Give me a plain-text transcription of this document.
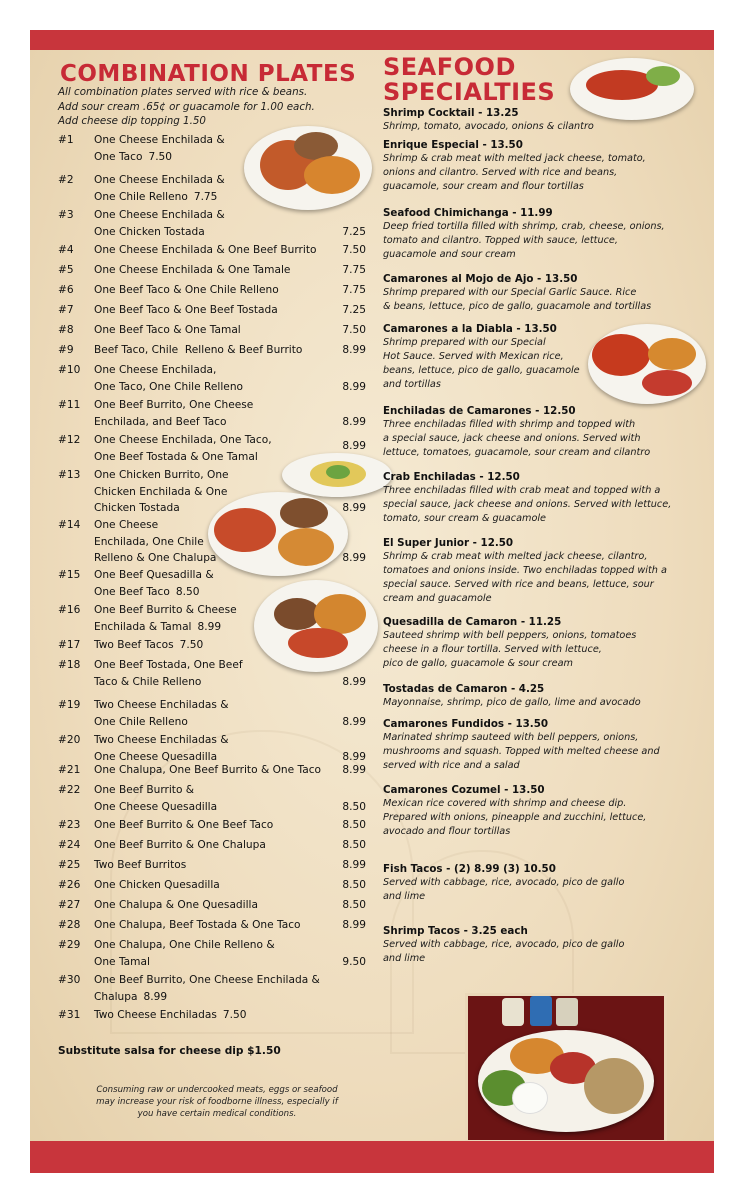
COMBINATION PLATES
All combination plates served with rice & beans.
Add sour cream .65¢ or guacamole for 1.00 each.
Add cheese dip topping 1.50
#1 One Cheese Enchilada &
One Taco 7.50
#2 One Cheese Enchilada &
One Chile Relleno 7.75
#3 One Cheese Enchilada &
One Chicken Tostada	7.25
#4 One Cheese Enchilada & One Beef Burrito 7.50
#5 One Cheese Enchilada & One Tamale	7.75
#6 One Beef Taco & One Chile Relleno	7.75
#7 One Beef Taco & One Beef Tostada	7.25
#8 One Beef Taco & One Tamal	7.50
#9 Beef Taco, Chile  Relleno & Beef Burrito	8.99
#10 One Cheese Enchilada,
One Taco, One Chile Relleno	8.99
#11 One Beef Burrito, One Cheese
Enchilada, and Beef Taco	8.99
#12 One Cheese Enchilada, One Taco,
One Beef Tostada & One Tamal
8.99
#13 One Chicken Burrito, One
Chicken Enchilada & One
Chicken Tostada	8.99
#14 One Cheese
Enchilada, One Chile
Relleno & One Chalupa	8.99
#15 One Beef Quesadilla &
One Beef Taco 8.50
#16 One Beef Burrito & Cheese
Enchilada & Tamal 8.99
#17 Two Beef Tacos 7.50
#18 One Beef Tostada, One Beef
Taco & Chile Relleno	8.99
#19 Two Cheese Enchiladas &
One Chile Relleno	8.99
#20 Two Cheese Enchiladas &
One Cheese Quesadilla	8.99
#21 One Chalupa, One Beef Burrito & One Taco 8.99
#22 One Beef Burrito &
One Cheese Quesadilla	8.50
#23 One Beef Burrito & One Beef Taco	8.50
#24 One Beef Burrito & One Chalupa	8.50
#25 Two Beef Burritos	8.99
#26 One Chicken Quesadilla	8.50
#27 One Chalupa & One Quesadilla	8.50
#28 One Chalupa, Beef Tostada & One Taco	8.99
#29 One Chalupa, One Chile Relleno &
One Tamal	9.50
#30 One Beef Burrito, One Cheese Enchilada &
Chalupa 8.99
#31 Two Cheese Enchiladas 7.50
Substitute salsa for cheese dip $1.50
Consuming raw or undercooked meats, eggs or seafood
may increase your risk of foodborne illness, especially if
you have certain medical conditions.
SEAFOOD
SPECIALTIES
Shrimp Cocktail - 13.25
Shrimp, tomato, avocado, onions & cilantro
Enrique Especial - 13.50
Shrimp & crab meat with melted jack cheese, tomato,
onions and cilantro. Served with rice and beans,
guacamole, sour cream and flour tortillas
Seafood Chimichanga - 11.99
Deep fried tortilla filled with shrimp, crab, cheese, onions,
tomato and cilantro. Topped with sauce, lettuce,
guacamole and sour cream
Camarones al Mojo de Ajo - 13.50
Shrimp prepared with our Special Garlic Sauce. Rice
& beans, lettuce, pico de gallo, guacamole and tortillas
Camarones a la Diabla - 13.50
Shrimp prepared with our Special
Hot Sauce. Served with Mexican rice,
beans, lettuce, pico de gallo, guacamole
and tortillas
Enchiladas de Camarones - 12.50
Three enchiladas filled with shrimp and topped with
a special sauce, jack cheese and onions. Served with
lettuce, tomatoes, guacamole, sour cream and cilantro
Crab Enchiladas - 12.50
Three enchiladas filled with crab meat and topped with a
special sauce, jack cheese and onions. Served with lettuce,
tomato, sour cream & guacamole
El Super Junior - 12.50
Shrimp & crab meat with melted jack cheese, cilantro,
tomatoes and onions inside. Two enchiladas topped with a
special sauce. Served with rice and beans, lettuce, sour
cream and guacamole
Quesadilla de Camaron - 11.25
Sauteed shrimp with bell peppers, onions, tomatoes
cheese in a flour tortilla. Served with lettuce,
pico de gallo, guacamole & sour cream
Tostadas de Camaron - 4.25
Mayonnaise, shrimp, pico de gallo, lime and avocado
Camarones Fundidos - 13.50
Marinated shrimp sauteed with bell peppers, onions,
mushrooms and squash. Topped with melted cheese and
served with rice and a salad
Camarones Cozumel - 13.50
Mexican rice covered with shrimp and cheese dip.
Prepared with onions, pineapple and zucchini, lettuce,
avocado and flour tortillas
Fish Tacos - (2) 8.99 (3) 10.50
Served with cabbage, rice, avocado, pico de gallo
and lime
Shrimp Tacos - 3.25 each
Served with cabbage, rice, avocado, pico de gallo
and lime
